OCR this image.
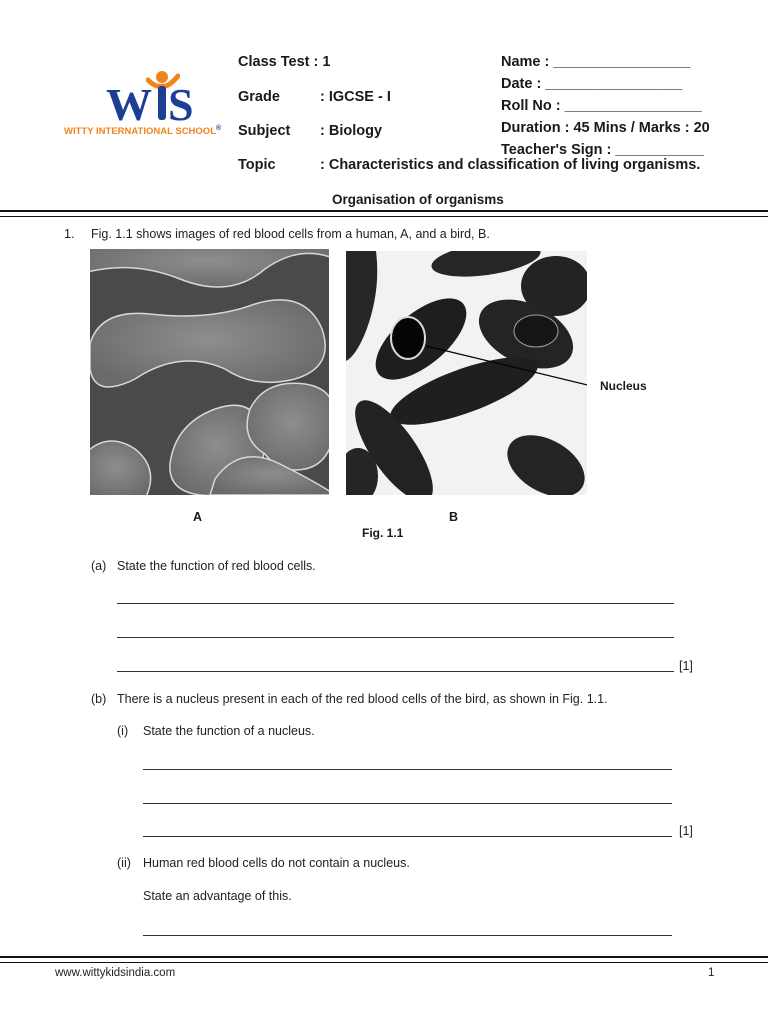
W S
WITTY INTERNATIONAL SCHOOL®
Class Test : 1
Grade	: IGCSE - I
Subject : Biology
Topic	: Characteristics and classification of living organisms.
Organisation of organisms
Name : _________________
Date : _________________
Roll No : _________________
Duration : 45 Mins / Marks : 20
Teacher's Sign : ___________
1. Fig. 1.1 shows images of red blood cells from a human, A, and a bird, B.
Nucleus
A	B
Fig. 1.1
(a) State the function of red blood cells.
[1]
(b) There is a nucleus present in each of the red blood cells of the bird, as shown in Fig. 1.1.
(i) State the function of a nucleus.
[1]
(ii) Human red blood cells do not contain a nucleus.
State an advantage of this.
www.wittykidsindia.com	1
